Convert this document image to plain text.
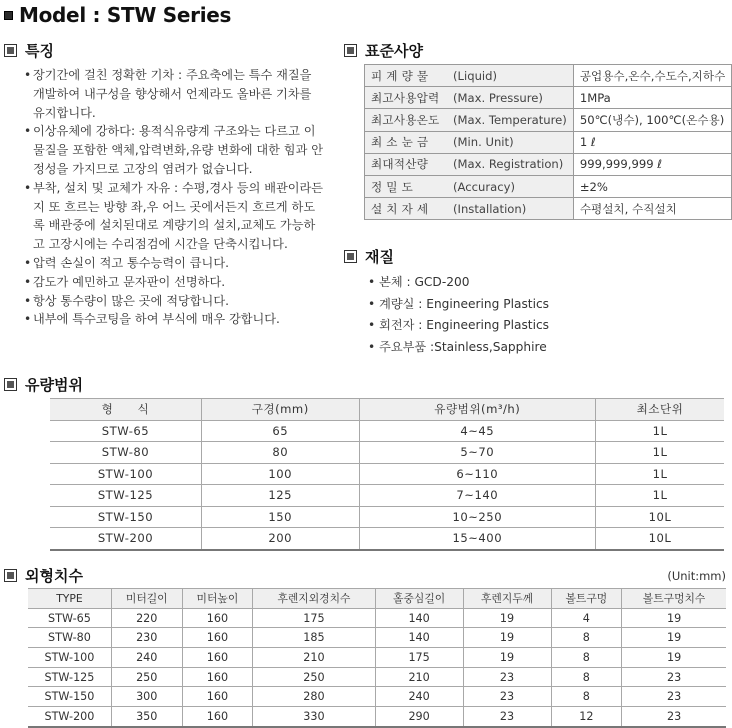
Model : STW Series
특징
• 장기간에 걸친 정확한 기차 : 주요축에는 특수 재질을 개발하여 내구성을 향상해서 언제라도 올바른 기차를 유지합니다.
• 이상유체에 강하다: 용적식유량계 구조와는 다르고 이물질을 포함한 액체,압력변화,유량 변화에 대한 힘과 안정성을 가지므로 고장의 염려가 없습니다.
• 부착, 설치 및 교체가 자유 : 수평,경사 등의 배관이라든지 또 흐르는 방향 좌,우 어느 곳에서든지 흐르게 하도록 배관중에 설치된대로 계량기의 설치,교체도 가능하고 고장시에는 수리점검에 시간을 단축시킵니다.
• 압력 손실이 적고 통수능력이 큽니다.
• 감도가 예민하고 문자판이 선명하다.
• 항상 통수량이 많은 곳에 적당합니다.
• 내부에 특수코팅을 하여 부식에 매우 강합니다.
표준사양
피 계 량 물 (Liquid)	공업용수,온수,수도수,지하수
최고사용압력 (Max. Pressure)	1MPa
최고사용온도 (Max. Temperature)	50℃(냉수), 100℃(온수용)
최 소 눈 금 (Min. Unit)	1 ℓ
최대적산량 (Max. Registration)	999,999,999 ℓ
정 밀 도 (Accuracy)	±2%
설 치 자 세 (Installation)	수평설치, 수직설치
재질
• 본체 : GCD-200
• 계량실 : Engineering Plastics
• 회전자 : Engineering Plastics
• 주요부품 :Stainless,Sapphire
유량범위
형　　식	구경(mm)	유량범위(m³/h)	최소단위
STW-65	65	4~45	1L
STW-80	80	5~70	1L
STW-100	100	6~110	1L
STW-125	125	7~140	1L
STW-150	150	10~250	10L
STW-200	200	15~400	10L
외형치수	(Unit:mm)
TYPE	미터길이	미터높이	후렌지외경치수	홀중심길이	후렌지두께	볼트구멍	볼트구멍치수
STW-65	220	160	175	140	19	4	19
STW-80	230	160	185	140	19	8	19
STW-100	240	160	210	175	19	8	19
STW-125	250	160	250	210	23	8	23
STW-150	300	160	280	240	23	8	23
STW-200	350	160	330	290	23	12	23
